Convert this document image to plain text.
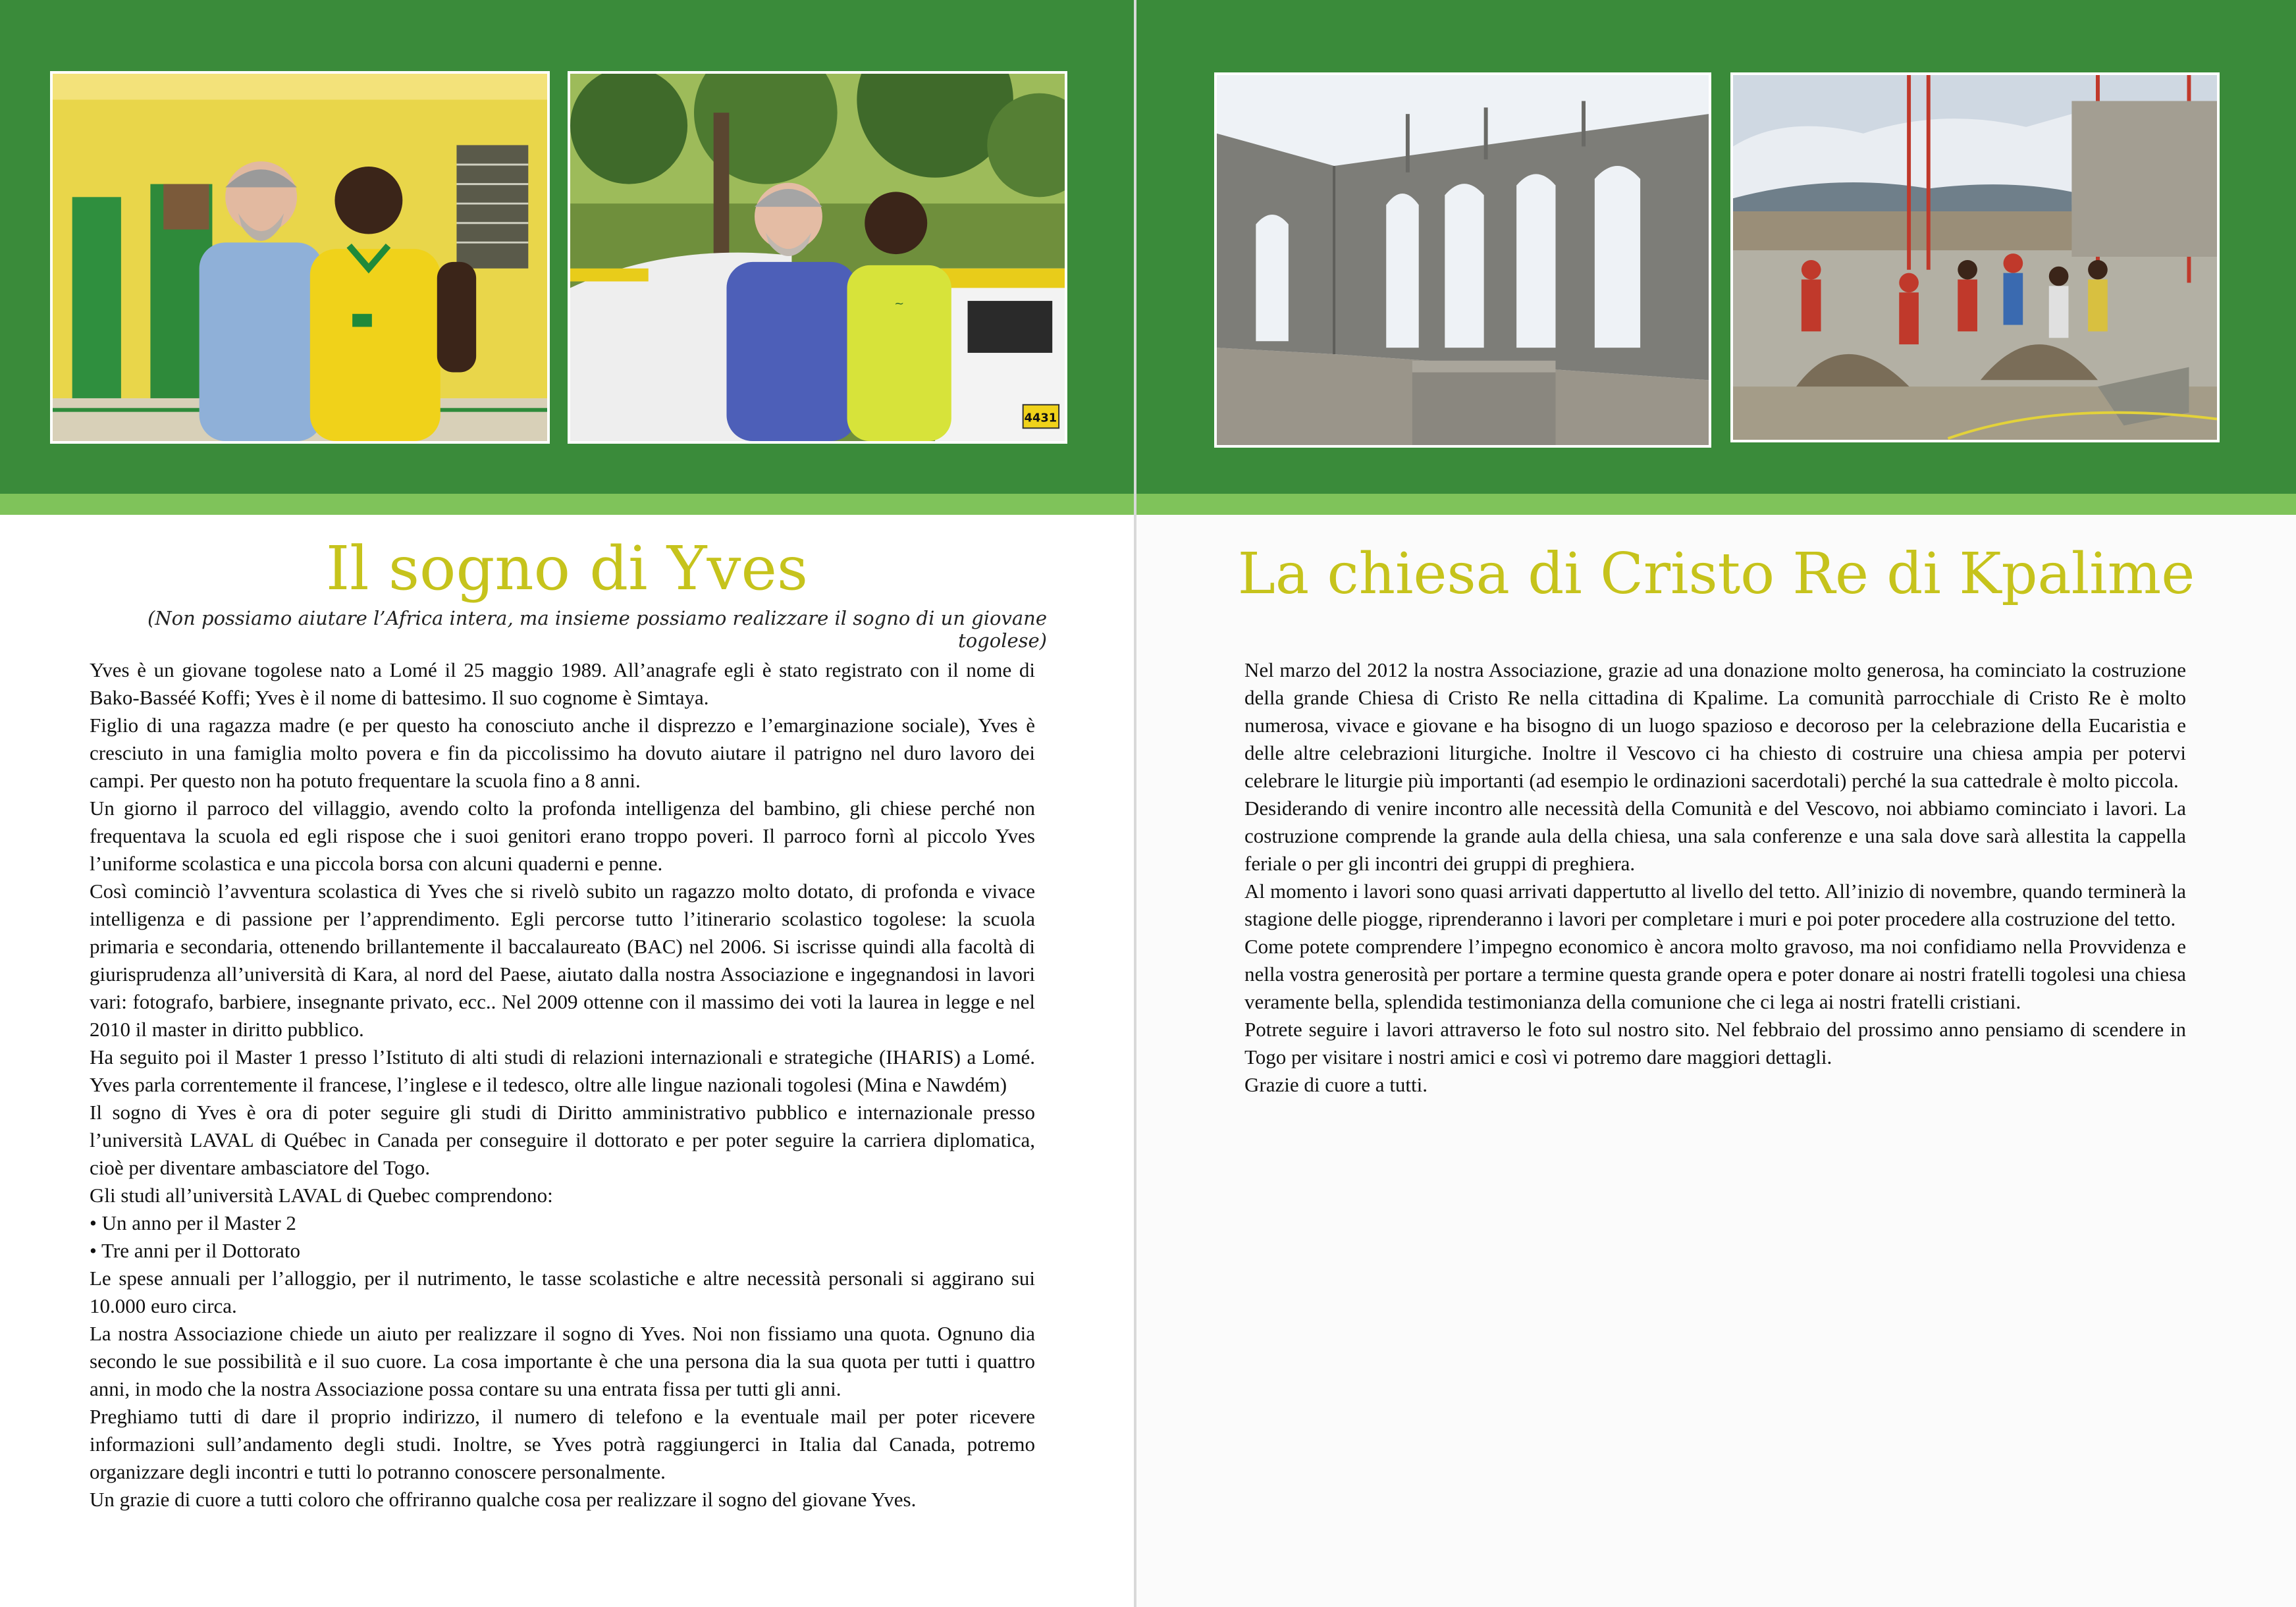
4431
~
Il sogno di Yves

(Non possiamo aiutare l’Africa intera, ma insieme possiamo realizzare il sogno di un giovane togolese)

Yves è un giovane togolese nato a Lomé il 25 maggio 1989. All’anagrafe egli è stato registrato con il nome di Bako-Basséé Koffi; Yves è il nome di battesimo. Il suo cognome è Simtaya.

Figlio di una ragazza madre (e per questo ha conosciuto anche il disprezzo e l’emarginazione sociale), Yves è cresciuto in una famiglia molto povera e fin da piccolissimo ha dovuto aiutare il patrigno nel duro lavoro dei campi. Per questo non ha potuto frequentare la scuola fino a 8 anni.

Un giorno il parroco del villaggio, avendo colto la profonda intelligenza del bambino, gli chiese perché non frequentava la scuola ed egli rispose che i suoi genitori erano troppo poveri. Il parroco fornì al piccolo Yves l’uniforme scolastica e una piccola borsa con alcuni quaderni e penne.

Così cominciò l’avventura scolastica di Yves che si rivelò subito un ragazzo molto dotato, di profonda e vivace intelligenza e di passione per l’apprendimento. Egli percorse tutto l’itinerario scolastico togolese: la scuola primaria e secondaria, ottenendo brillantemente il baccalaureato (BAC) nel 2006. Si iscrisse quindi alla facoltà di giurisprudenza all’università di Kara, al nord del Paese, aiutato dalla nostra Associazione e ingegnandosi in lavori vari: fotografo, barbiere, insegnante privato, ecc.. Nel 2009 ottenne con il massimo dei voti la laurea in legge e nel 2010 il master in diritto pubblico.

Ha seguito poi il Master 1 presso l’Istituto di alti studi di relazioni internazionali e strategiche (IHARIS) a Lomé. Yves parla correntemente il francese, l’inglese e il tedesco, oltre alle lingue nazionali togolesi (Mina e Nawdém)

Il sogno di Yves è ora di poter seguire gli studi di Diritto amministrativo pubblico e internazionale presso l’università LAVAL di Québec in Canada per conseguire il dottorato e per poter seguire la carriera diplomatica, cioè per diventare ambasciatore del Togo.

Gli studi all’università LAVAL di Quebec comprendono:

• Un anno per il Master 2

• Tre anni per il Dottorato

Le spese annuali per l’alloggio, per il nutrimento, le tasse scolastiche e altre necessità personali si aggirano sui 10.000 euro circa.

La nostra Associazione chiede un aiuto per realizzare il sogno di Yves. Noi non fissiamo una quota. Ognuno dia secondo le sue possibilità e il suo cuore. La cosa importante è che una persona dia la sua quota per tutti i quattro anni, in modo che la nostra Associazione possa contare su una entrata fissa per tutti gli anni.

Preghiamo tutti di dare il proprio indirizzo, il numero di telefono e la eventuale mail per poter ricevere informazioni sull’andamento degli studi. Inoltre, se Yves potrà raggiungerci in Italia dal Canada, potremo organizzare degli incontri e tutti lo potranno conoscere personalmente.

Un grazie di cuore a tutti coloro che offriranno qualche cosa per realizzare il sogno del giovane Yves.

La chiesa di Cristo Re di Kpalime

Nel marzo del 2012 la nostra Associazione, grazie ad una donazione molto generosa, ha cominciato la costruzione della grande Chiesa di Cristo Re nella cittadina di Kpalime. La comunità parrocchiale di Cristo Re è molto numerosa, vivace e giovane e ha bisogno di un luogo spazioso e decoroso per la celebrazione della Eucaristia e delle altre celebrazioni liturgiche. Inoltre il Vescovo ci ha chiesto di costruire una chiesa ampia per potervi celebrare le liturgie più importanti (ad esempio le ordinazioni sacerdotali) perché la sua cattedrale è molto piccola.

Desiderando di venire incontro alle necessità della Comunità e del Vescovo, noi abbiamo cominciato i lavori. La costruzione comprende la grande aula della chiesa, una sala conferenze e una sala dove sarà allestita la cappella feriale o per gli incontri dei gruppi di preghiera.

Al momento i lavori sono quasi arrivati dappertutto al livello del tetto. All’inizio di novembre, quando terminerà la stagione delle piogge, riprenderanno i lavori per completare i muri e poi poter procedere alla costruzione del tetto.

Come potete comprendere l’impegno economico è ancora molto gravoso, ma noi confidiamo nella Provvidenza e nella vostra generosità per portare a termine questa grande opera e poter donare ai nostri fratelli togolesi una chiesa veramente bella, splendida testimonianza della comunione che ci lega ai nostri fratelli cristiani.

Potrete seguire i lavori attraverso le foto sul nostro sito. Nel febbraio del prossimo anno pensiamo di scendere in Togo per visitare i nostri amici e così vi potremo dare maggiori dettagli.

Grazie di cuore a tutti.
